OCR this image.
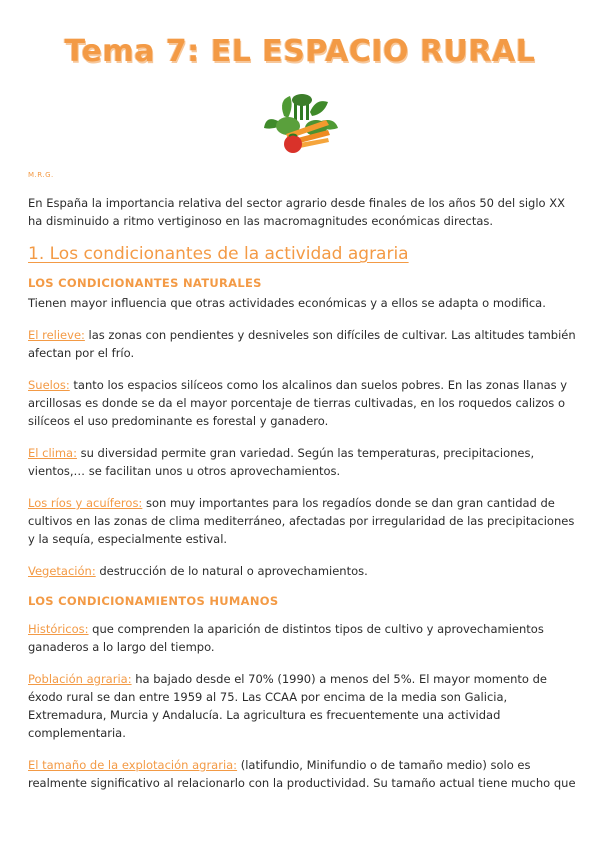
Tema 7: EL ESPACIO RURAL
M.R.G.

En España la importancia relativa del sector agrario desde finales de los años 50 del siglo XX ha disminuido a ritmo vertiginoso en las macromagnitudes económicas directas.

1. Los condicionantes de la actividad agraria
LOS CONDICIONANTES NATURALES

Tienen mayor influencia que otras actividades económicas y a ellos se adapta o modifica.

El relieve: las zonas con pendientes y desniveles son difíciles de cultivar. Las altitudes también afectan por el frío.

Suelos: tanto los espacios silíceos como los alcalinos dan suelos pobres. En las zonas llanas y arcillosas es donde se da el mayor porcentaje de tierras cultivadas, en los roquedos calizos o silíceos el uso predominante es forestal y ganadero.

El clima: su diversidad permite gran variedad. Según las temperaturas, precipitaciones, vientos,… se facilitan unos u otros aprovechamientos.

Los ríos y acuíferos: son muy importantes para los regadíos donde se dan gran cantidad de cultivos en las zonas de clima mediterráneo, afectadas por irregularidad de las precipitaciones y la sequía, especialmente estival.

Vegetación: destrucción de lo natural o aprovechamientos.

LOS CONDICIONAMIENTOS HUMANOS

Históricos: que comprenden la aparición de distintos tipos de cultivo y aprovechamientos ganaderos a lo largo del tiempo.

Población agraria: ha bajado desde el 70% (1990) a menos del 5%. El mayor momento de éxodo rural se dan entre 1959 al 75. Las CCAA por encima de la media son Galicia, Extremadura, Murcia y Andalucía. La agricultura es frecuentemente una actividad complementaria.

El tamaño de la explotación agraria: (latifundio, Minifundio o de tamaño medio) solo es realmente significativo al relacionarlo con la productividad. Su tamaño actual tiene mucho que
